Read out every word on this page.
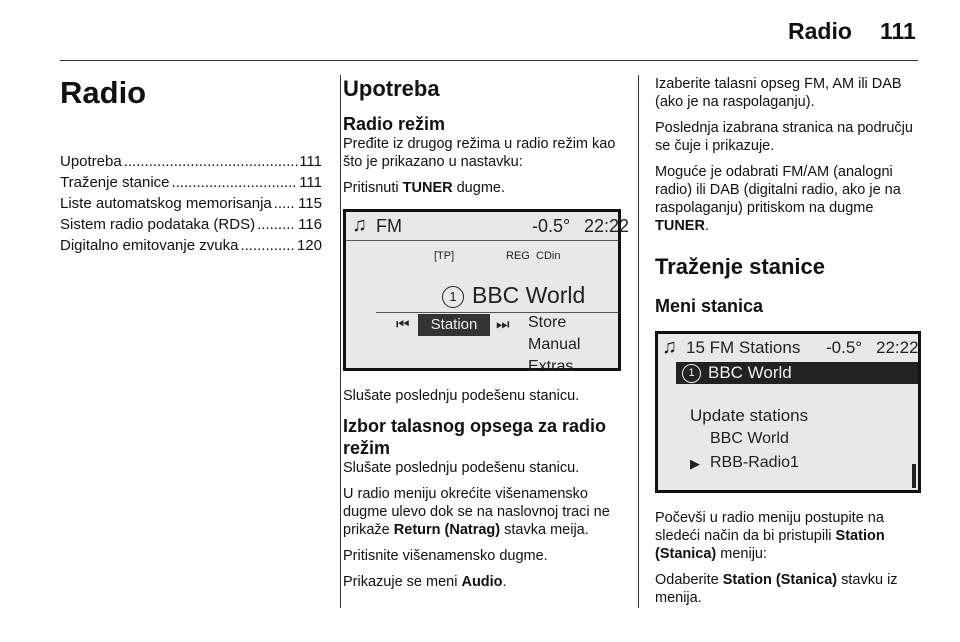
Radio 111
Radio
Upotreba .....	111
Traženje stanice .....	111
Liste automatskog memorisanja ..... 115
Sistem radio podataka (RDS) .....	116
Digitalno emitovanje zvuka .....	120
Upotreba
Radio režim

Pređite iz drugog režima u radio režim kao što je prikazano u nastavku:

Pritisnuti TUNER dugme.

♫ FM	-0.5° 22:22
[TP]	REG CDin
1 BBC World
⏮	Station	⏭ Store
Manual
Extras

Slušate poslednju podešenu stanicu.

Izbor talasnog opsega za radio režim

Slušate poslednju podešenu stanicu.

U radio meniju okrećite višenamensko dugme ulevo dok se na naslovnoj traci ne prikaže Return (Natrag) stavka meija.

Pritisnite višenamensko dugme.

Prikazuje se meni Audio.

Izaberite talasni opseg FM, AM ili DAB (ako je na raspolaganju).

Poslednja izabrana stranica na području se čuje i prikazuje.

Moguće je odabrati FM/AM (analogni radio) ili DAB (digitalni radio, ako je na raspolaganju) pritiskom na dugme TUNER.

Traženje stanice
Meni stanica
♫ 15 FM Stations -0.5° 22:22
1 BBC World
Update stations
BBC World
▶ RBB-Radio1

Počevši u radio meniju postupite na sledeći način da bi pristupili Station (Stanica) meniju:

Odaberite Station (Stanica) stavku iz menija.
